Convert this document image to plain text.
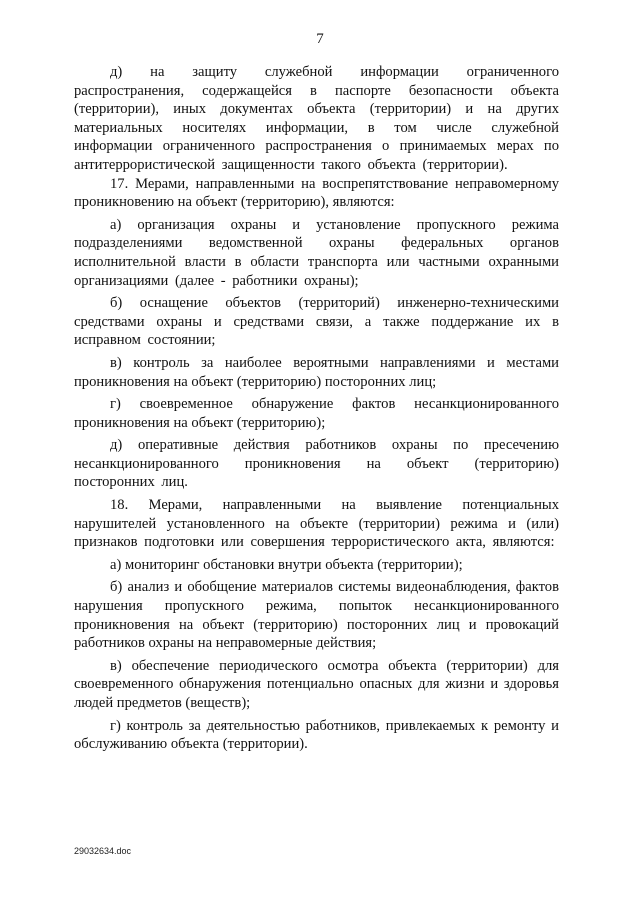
7

д) на защиту служебной информации ограниченного распространения, содержащейся в паспорте безопасности объекта (территории), иных документах объекта (территории) и на других материальных носителях информации, в том числе служебной информации ограниченного распространения о принимаемых мерах по антитеррористической защищенности такого объекта (территории).

17. Мерами, направленными на воспрепятствование неправомерному проникновению на объект (территорию), являются:

а) организация охраны и установление пропускного режима подразделениями ведомственной охраны федеральных органов исполнительной власти в области транспорта или частными охранными организациями (далее - работники охраны);

б) оснащение объектов (территорий) инженерно-техническими средствами охраны и средствами связи, а также поддержание их в исправном состоянии;

в) контроль за наиболее вероятными направлениями и местами проникновения на объект (территорию) посторонних лиц;

г) своевременное обнаружение фактов несанкционированного проникновения на объект (территорию);

д) оперативные действия работников охраны по пресечению несанкционированного проникновения на объект (территорию) посторонних лиц.

18. Мерами, направленными на выявление потенциальных нарушителей установленного на объекте (территории) режима и (или) признаков подготовки или совершения террористического акта, являются:

а) мониторинг обстановки внутри объекта (территории);

б) анализ и обобщение материалов системы видеонаблюдения, фактов нарушения пропускного режима, попыток несанкционированного проникновения на объект (территорию) посторонних лиц и провокаций работников охраны на неправомерные действия;

в) обеспечение периодического осмотра объекта (территории) для своевременного обнаружения потенциально опасных для жизни и здоровья людей предметов (веществ);

г) контроль за деятельностью работников, привлекаемых к ремонту и обслуживанию объекта (территории).

29032634.doc
